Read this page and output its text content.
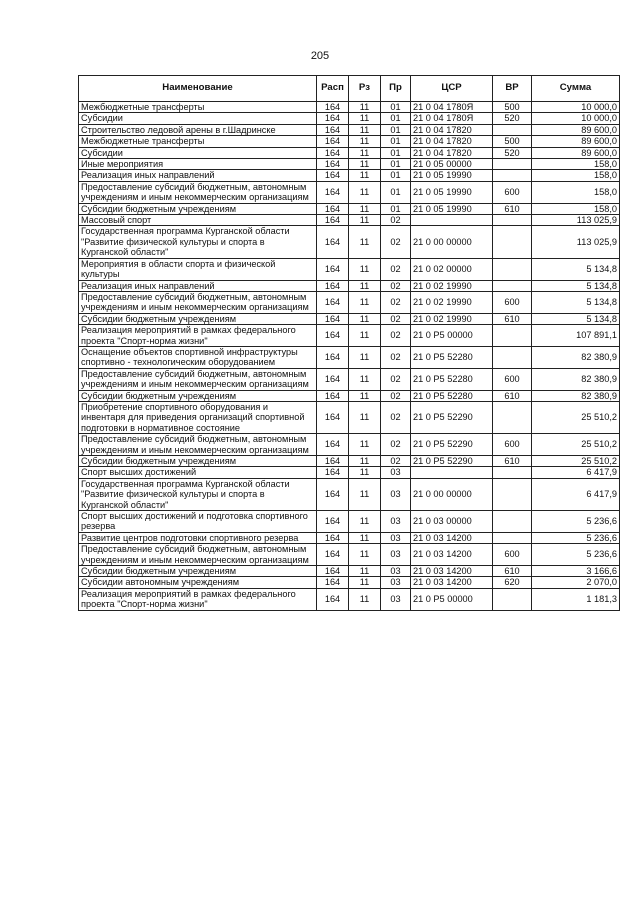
205
Наименование	Расп	Рз	Пр	ЦСР	ВР	Сумма
Межбюджетные трансферты	164	11	01	21 0 04 1780Я	500	10 000,0
Субсидии	164	11	01	21 0 04 1780Я	520	10 000,0
Строительство ледовой арены в г.Шадринске	164	11	01	21 0 04 17820		89 600,0
Межбюджетные трансферты	164	11	01	21 0 04 17820	500	89 600,0
Субсидии	164	11	01	21 0 04 17820	520	89 600,0
Иные мероприятия	164	11	01	21 0 05 00000		158,0
Реализация иных направлений	164	11	01	21 0 05 19990		158,0
Предоставление субсидий бюджетным, автономным учреждениям и иным некоммерческим организациям	164	11	01	21 0 05 19990	600	158,0
Субсидии бюджетным учреждениям	164	11	01	21 0 05 19990	610	158,0
Массовый спорт	164	11	02			113 025,9
Государственная программа Курганской области "Развитие физической культуры и спорта в Курганской области"	164	11	02	21 0 00 00000		113 025,9
Мероприятия в области спорта и физической культуры	164	11	02	21 0 02 00000		5 134,8
Реализация иных направлений	164	11	02	21 0 02 19990		5 134,8
Предоставление субсидий бюджетным, автономным учреждениям и иным некоммерческим организациям	164	11	02	21 0 02 19990	600	5 134,8
Субсидии бюджетным учреждениям	164	11	02	21 0 02 19990	610	5 134,8
Реализация мероприятий в рамках федерального проекта "Спорт-норма жизни"	164	11	02	21 0 P5 00000		107 891,1
Оснащение объектов спортивной инфраструктуры спортивно - технологическим оборудованием	164	11	02	21 0 P5 52280		82 380,9
Предоставление субсидий бюджетным, автономным учреждениям и иным некоммерческим организациям	164	11	02	21 0 P5 52280	600	82 380,9
Субсидии бюджетным учреждениям	164	11	02	21 0 P5 52280	610	82 380,9
Приобретение спортивного оборудования и инвентаря для приведения организаций спортивной подготовки в нормативное состояние	164	11	02	21 0 P5 52290		25 510,2
Предоставление субсидий бюджетным, автономным учреждениям и иным некоммерческим организациям	164	11	02	21 0 P5 52290	600	25 510,2
Субсидии бюджетным учреждениям	164	11	02	21 0 P5 52290	610	25 510,2
Спорт высших достижений	164	11	03			6 417,9
Государственная программа Курганской области "Развитие физической культуры и спорта в Курганской области"	164	11	03	21 0 00 00000		6 417,9
Спорт высших достижений и подготовка спортивного резерва	164	11	03	21 0 03 00000		5 236,6
Развитие центров подготовки спортивного резерва	164	11	03	21 0 03 14200		5 236,6
Предоставление субсидий бюджетным, автономным учреждениям и иным некоммерческим организациям	164	11	03	21 0 03 14200	600	5 236,6
Субсидии бюджетным учреждениям	164	11	03	21 0 03 14200	610	3 166,6
Субсидии автономным учреждениям	164	11	03	21 0 03 14200	620	2 070,0
Реализация мероприятий в рамках федерального проекта "Спорт-норма жизни"	164	11	03	21 0 P5 00000		1 181,3
